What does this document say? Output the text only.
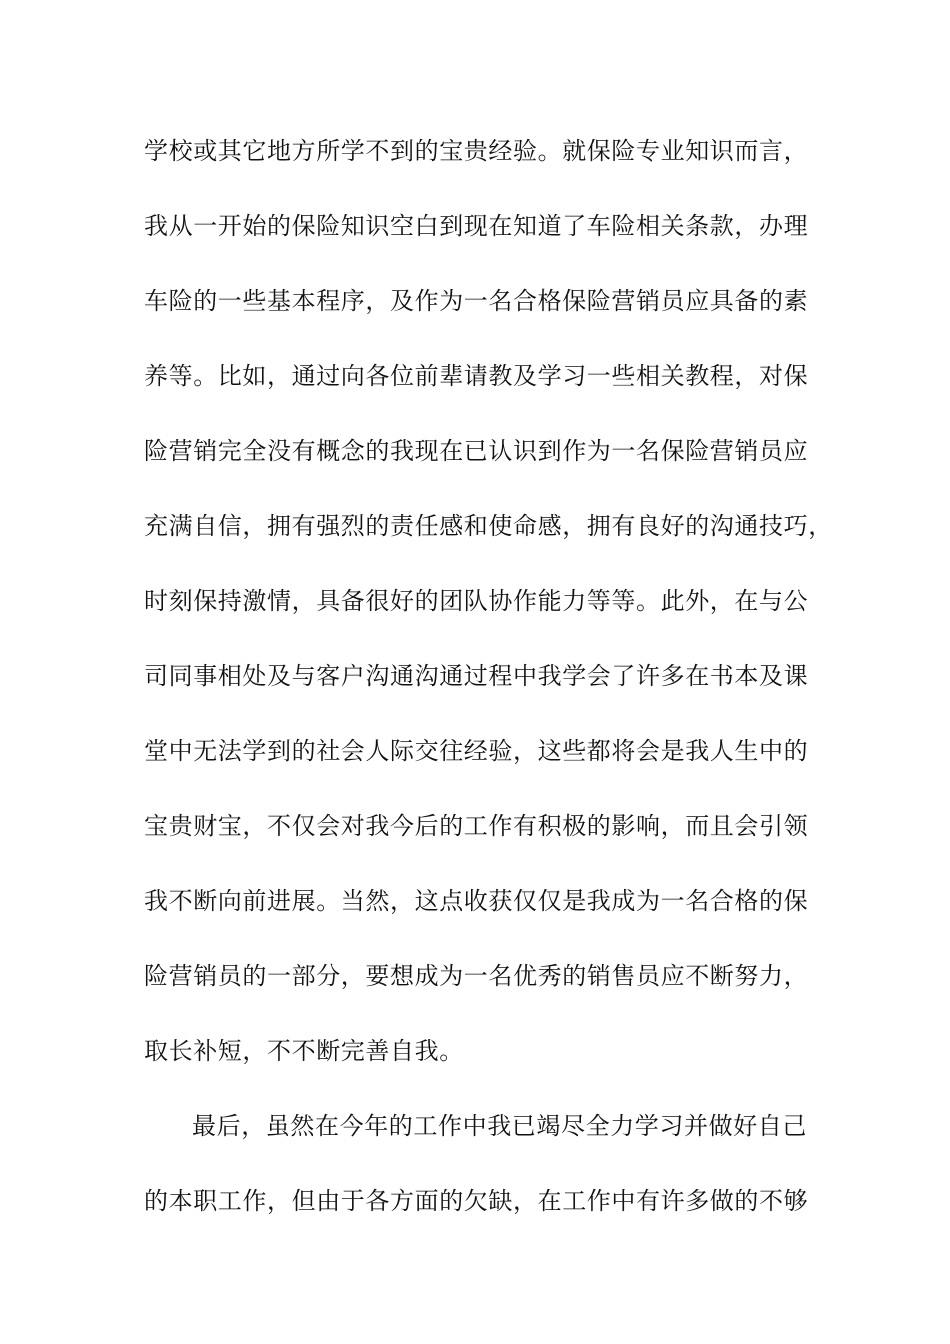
学校或其它地方所学不到的宝贵经验。就保险专业知识而言，
我从一开始的保险知识空白到现在知道了车险相关条款，办理
车险的一些基本程序，及作为一名合格保险营销员应具备的素
养等。比如，通过向各位前辈请教及学习一些相关教程，对保
险营销完全没有概念的我现在已认识到作为一名保险营销员应
充满自信，拥有强烈的责任感和使命感，拥有良好的沟通技巧，
时刻保持激情，具备很好的团队协作能力等等。此外，在与公
司同事相处及与客户沟通沟通过程中我学会了许多在书本及课
堂中无法学到的社会人际交往经验，这些都将会是我人生中的
宝贵财宝，不仅会对我今后的工作有积极的影响，而且会引领
我不断向前进展。当然，这点收获仅仅是我成为一名合格的保
险营销员的一部分，要想成为一名优秀的销售员应不断努力，
取长补短，不不断完善自我。
最后，虽然在今年的工作中我已竭尽全力学习并做好自己
的本职工作，但由于各方面的欠缺，在工作中有许多做的不够
